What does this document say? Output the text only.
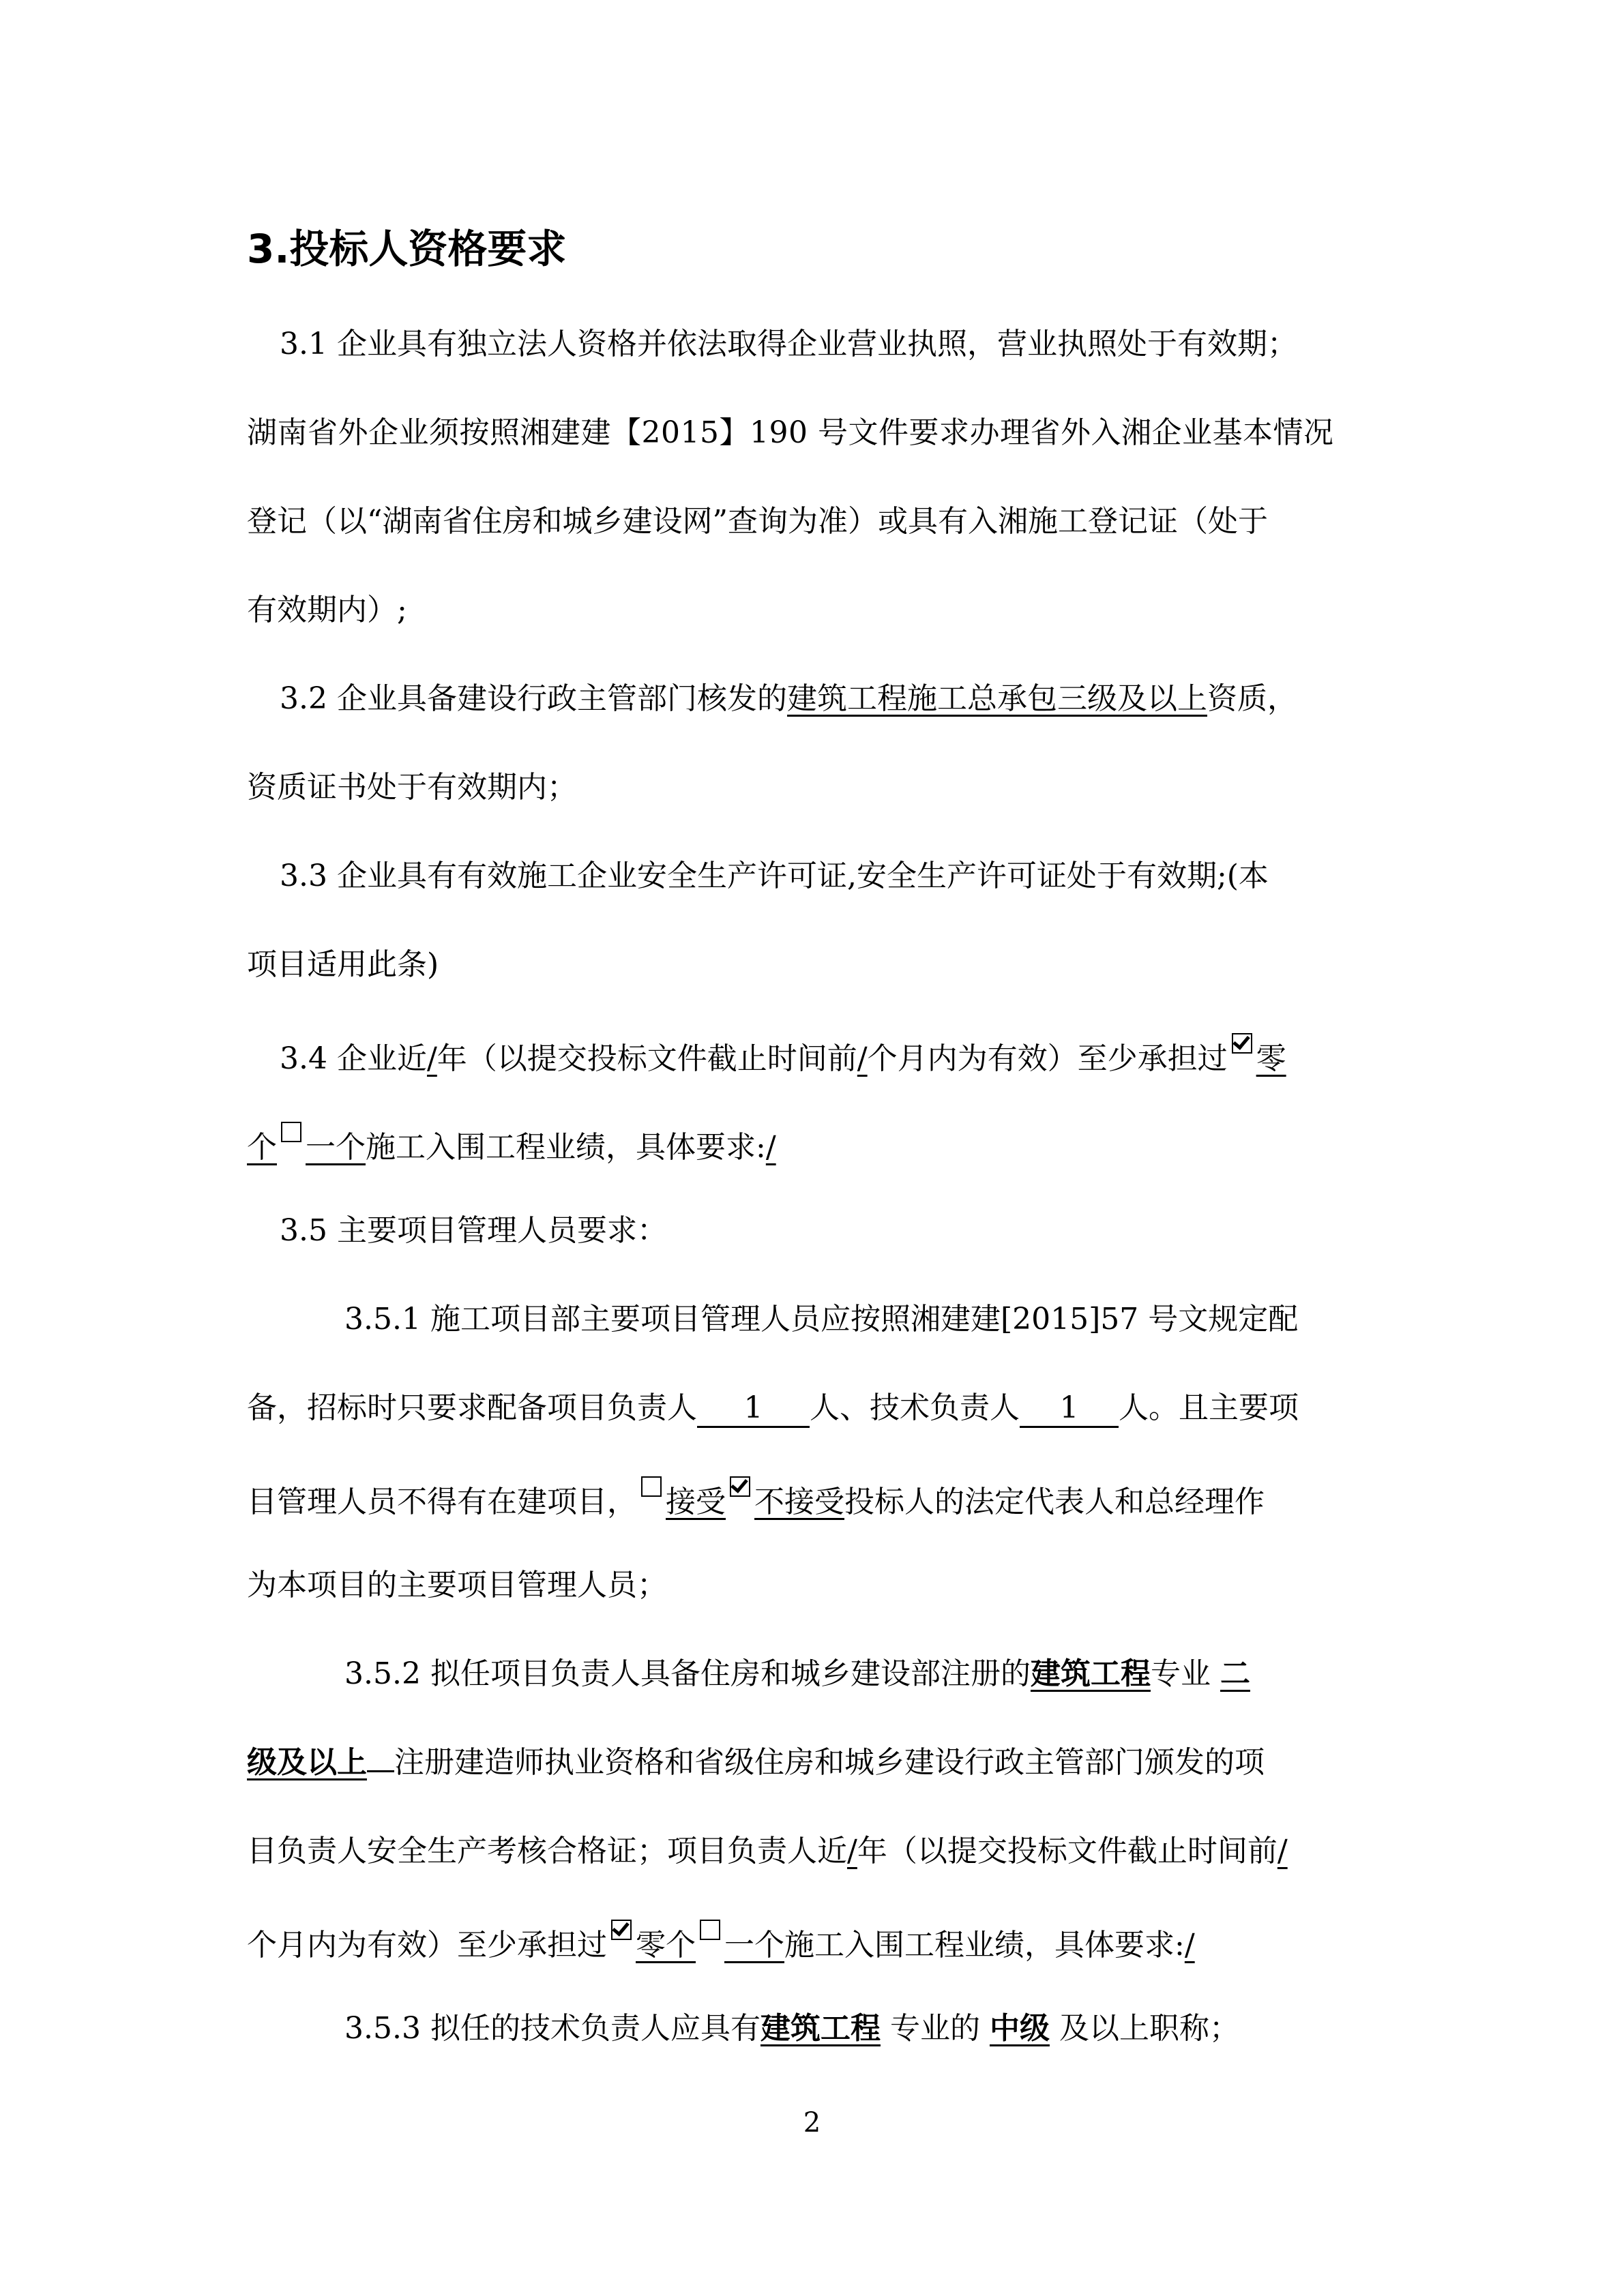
3.投标人资格要求
3.1 企业具有独立法人资格并依法取得企业营业执照，营业执照处于有效期；
湖南省外企业须按照湘建建【2015】190 号文件要求办理省外入湘企业基本情况
登记（以“湖南省住房和城乡建设网”查询为准）或具有入湘施工登记证（处于
有效期内）;
3.2 企业具备建设行政主管部门核发的建筑工程施工总承包三级及以上资质，
资质证书处于有效期内；
3.3 企业具有有效施工企业安全生产许可证,安全生产许可证处于有效期;(本
项目适用此条)
3.4 企业近/年（以提交投标文件截止时间前/个月内为有效）至少承担过 零
个 一个施工入围工程业绩，具体要求:/
3.5 主要项目管理人员要求：
3.5.1 施工项目部主要项目管理人员应按照湘建建[2015]57 号文规定配
备，招标时只要求配备项目负责人 1 人、技术负责人 1 人。且主要项
目管理人员不得有在建项目， 接受 不接受投标人的法定代表人和总经理作
为本项目的主要项目管理人员；
3.5.2 拟任项目负责人具备住房和城乡建设部注册的建筑工程专业 二
级及以上 注册建造师执业资格和省级住房和城乡建设行政主管部门颁发的项
目负责人安全生产考核合格证；项目负责人近/年（以提交投标文件截止时间前/
个月内为有效）至少承担过 零个 一个施工入围工程业绩，具体要求:/
3.5.3 拟任的技术负责人应具有建筑工程 专业的 中级 及以上职称；
2
